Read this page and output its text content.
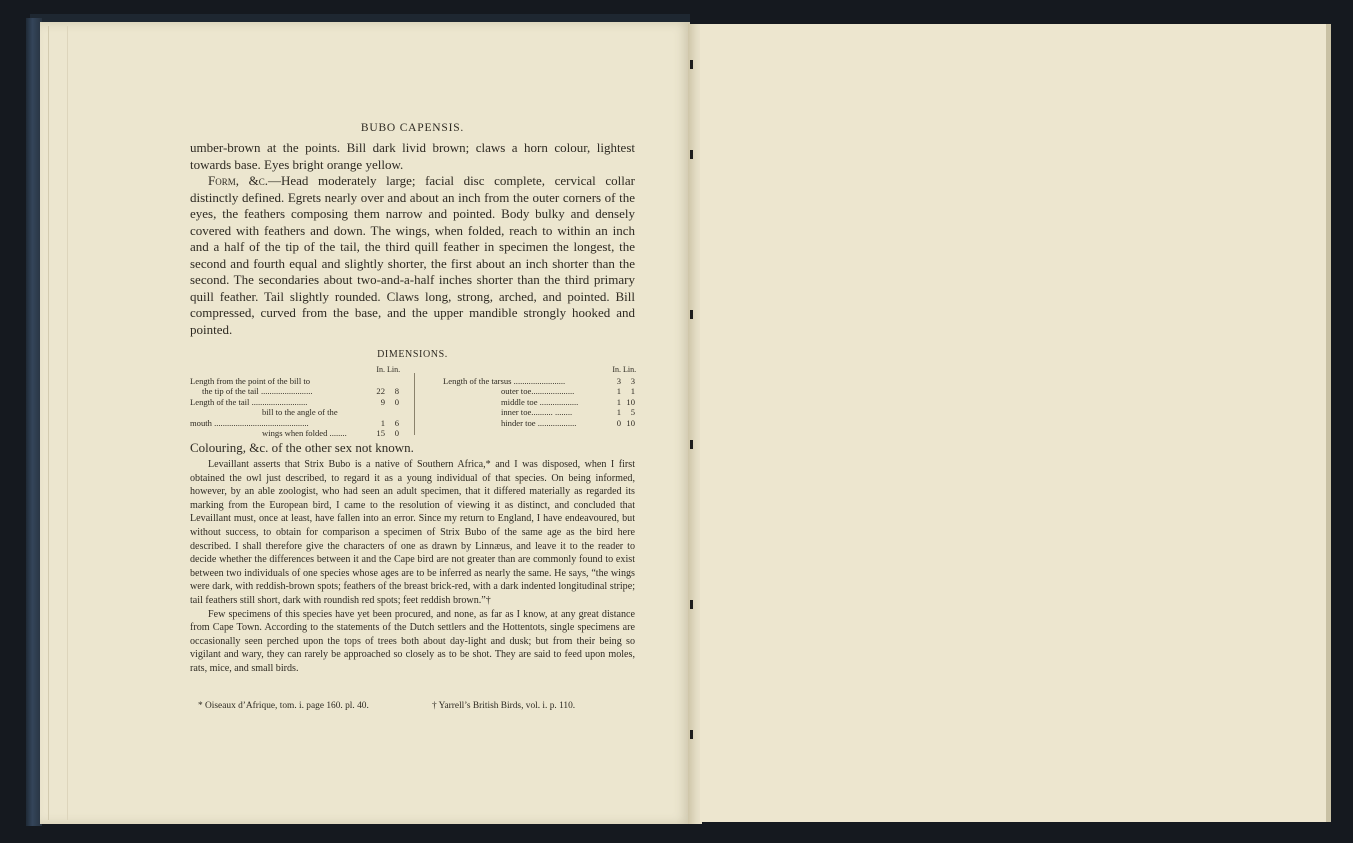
BUBO CAPENSIS.

umber-brown at the points. Bill dark livid brown; claws a horn colour, lightest towards base. Eyes bright orange yellow.

Form, &c.—Head moderately large; facial disc complete, cervical collar distinctly defined. Egrets nearly over and about an inch from the outer corners of the eyes, the feathers composing them narrow and pointed. Body bulky and densely covered with feathers and down. The wings, when folded, reach to within an inch and a half of the tip of the tail, the third quill feather in specimen the longest, the second and fourth equal and slightly shorter, the first about an inch shorter than the second. The secondaries about two-and-a-half inches shorter than the third primary quill feather. Tail slightly rounded. Claws long, strong, arched, and pointed. Bill compressed, curved from the base, and the upper mandible strongly hooked and pointed.

DIMENSIONS.
In. Lin.
Length from the point of the bill to
the tip of the tail ........................	22	8
Length of the tail ..........................	9	0
bill to the angle of the
mouth ............................................	1	6
wings when folded ........	15	0
In. Lin.
Length of the tarsus ........................	3	3
outer toe....................	1	1
middle toe ..................	1 10
inner toe.......... ........	1	5
hinder toe ..................	0 10
Colouring, &c. of the other sex not known.

Levaillant asserts that Strix Bubo is a native of Southern Africa,* and I was disposed, when I first obtained the owl just described, to regard it as a young individual of that species. On being informed, however, by an able zoologist, who had seen an adult specimen, that it differed materially as regarded its marking from the European bird, I came to the resolution of viewing it as distinct, and concluded that Levaillant must, once at least, have fallen into an error. Since my return to England, I have endeavoured, but without success, to obtain for comparison a specimen of Strix Bubo of the same age as the bird here described. I shall therefore give the characters of one as drawn by Linnæus, and leave it to the reader to decide whether the differences between it and the Cape bird are not greater than are commonly found to exist between two individuals of one species whose ages are to be inferred as nearly the same. He says, “the wings were dark, with reddish-brown spots; feathers of the breast brick-red, with a dark indented longitudinal stripe; tail feathers still short, dark with roundish red spots; feet reddish brown.”†

Few specimens of this species have yet been procured, and none, as far as I know, at any great distance from Cape Town. According to the statements of the Dutch settlers and the Hottentots, single specimens are occasionally seen perched upon the tops of trees both about day-light and dusk; but from their being so vigilant and wary, they can rarely be approached so closely as to be shot. They are said to feed upon moles, rats, mice, and small birds.

* Oiseaux d’Afrique, tom. i. page 160. pl. 40.	† Yarrell’s British Birds, vol. i. p. 110.
